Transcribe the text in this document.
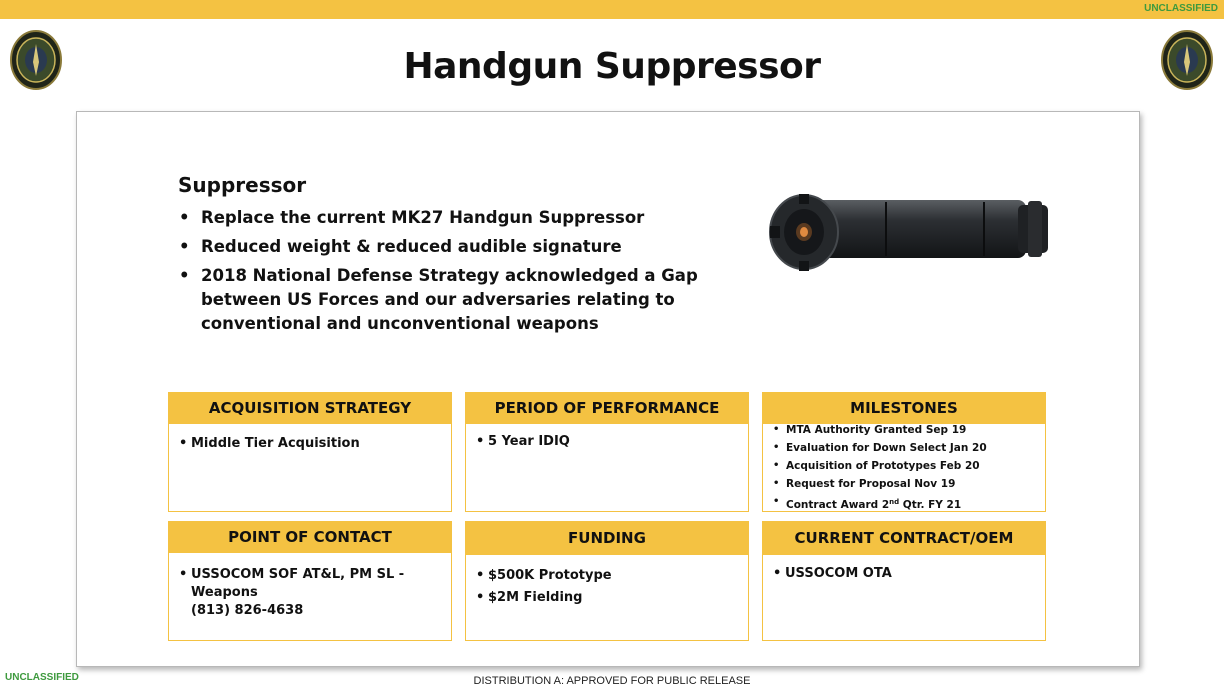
UNCLASSIFIED
Handgun Suppressor
Suppressor
• Replace the current MK27 Handgun Suppressor
• Reduced weight & reduced audible signature
• 2018 National Defense Strategy acknowledged a Gap between US Forces and our adversaries relating to conventional and unconventional weapons
ACQUISITION STRATEGY
• Middle Tier Acquisition
PERIOD OF PERFORMANCE
• 5 Year IDIQ
MILESTONES
• MTA Authority Granted Sep 19
• Evaluation for Down Select Jan 20
• Acquisition of Prototypes Feb 20
• Request for Proposal Nov 19
• Contract Award 2nd Qtr. FY 21
POINT OF CONTACT
• USSOCOM SOF AT&L, PM SL -
Weapons
(813) 826-4638
FUNDING
• $500K Prototype
• $2M Fielding
CURRENT CONTRACT/OEM
• USSOCOM OTA
UNCLASSIFIED	DISTRIBUTION A: APPROVED FOR PUBLIC RELEASE
